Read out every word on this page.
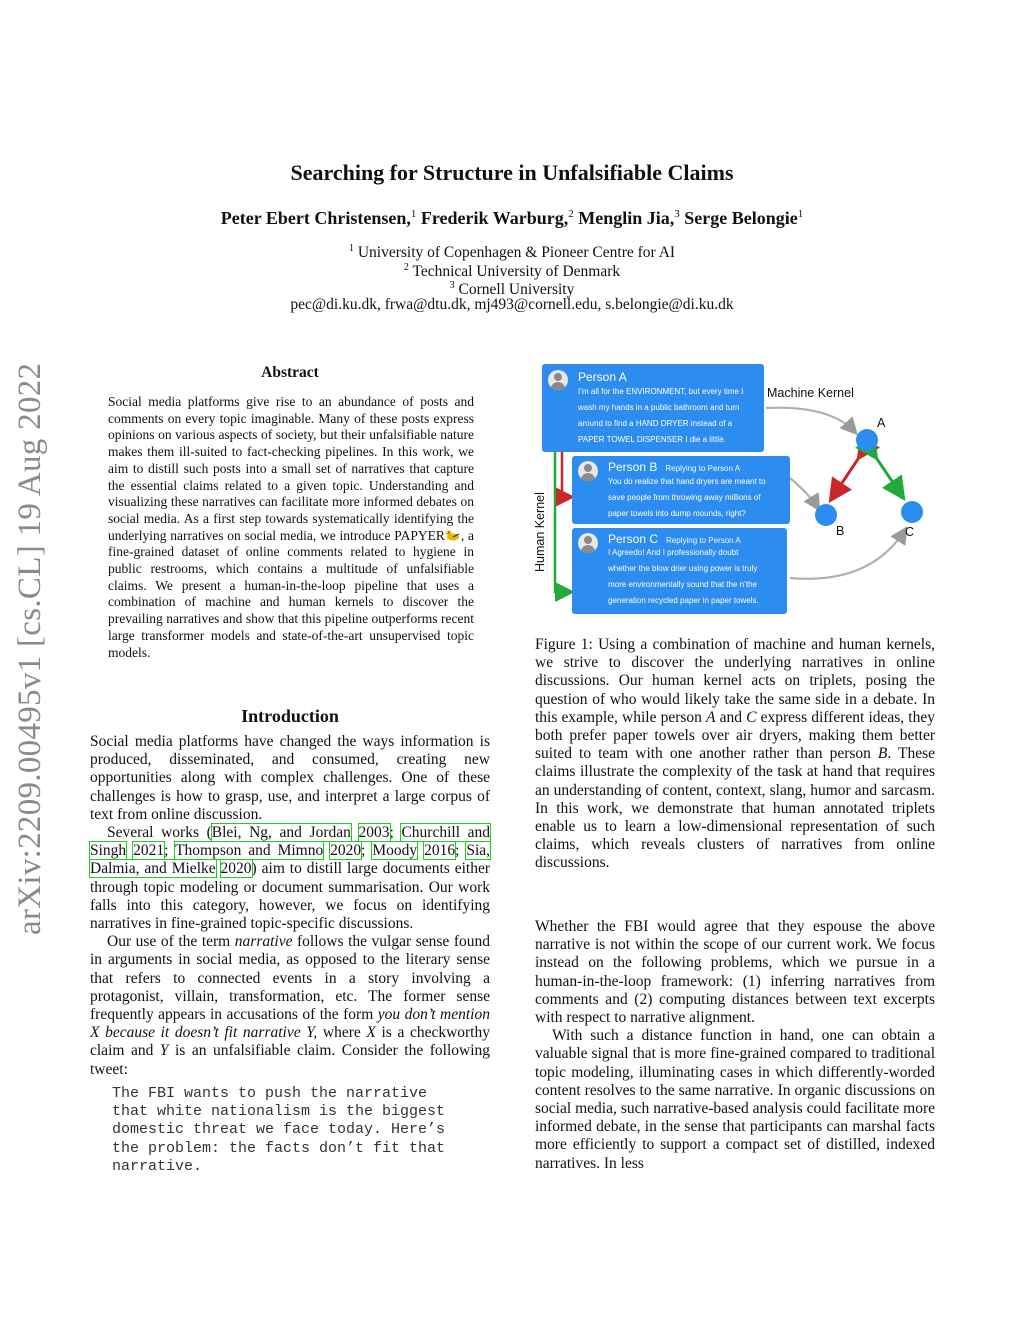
Searching for Structure in Unfalsifiable Claims
Peter Ebert Christensen,$^1$ Frederik Warburg,$^2$ Menglin Jia,$^3$ Serge Belongie$^1$
$^1$ University of Copenhagen & Pioneer Centre for AI
$^2$ Technical University of Denmark
$^3$ Cornell University
pec@di.ku.dk, frwa@dtu.dk, mj493@cornell.edu, s.belongie@di.ku.dk
arXiv:2209.00495v1 [cs.CL] 19 Aug 2022	Abstract
Social media platforms give rise to an abundance of posts and comments on every topic imaginable. Many of these posts express opinions on various aspects of society, but their unfalsifiable nature makes them ill-suited to fact-checking pipelines. In this work, we aim to distill such posts into a small set of narratives that capture the essential claims related to a given topic. Understanding and visualizing these narratives can facilitate more informed debates on social media. As a first step towards systematically identifying the underlying narratives on social media, we introduce PAPYER , a fine-grained dataset of online comments related to hygiene in public restrooms, which contains a multitude of unfalsifiable claims. We present a human-in-the-loop pipeline that uses a combination of machine and human kernels to discover the prevailing narratives and show that this pipeline outperforms recent large transformer models and state-of-the-art unsupervised topic models.
Introduction

Social media platforms have changed the ways information is produced, disseminated, and consumed, creating new opportunities along with complex challenges. One of these challenges is how to grasp, use, and interpret a large corpus of text from online discussion.

Several works (Blei, Ng, and Jordan 2003; Churchill and Singh 2021; Thompson and Mimno 2020; Moody 2016; Sia, Dalmia, and Mielke 2020) aim to distill large documents either through topic modeling or document summarisation. Our work falls into this category, however, we focus on identifying narratives in fine-grained topic-specific discussions.

Our use of the term narrative follows the vulgar sense found in arguments in social media, as opposed to the literary sense that refers to connected events in a story involving a protagonist, villain, transformation, etc. The former sense frequently appears in accusations of the form you don’t mention X because it doesn’t fit narrative Y, where X is a checkworthy claim and Y is an unfalsifiable claim. Consider the following tweet:

The FBI wants to push the narrative
that white nationalism is the biggest
domestic threat we face today. Here’s
the problem: the facts don’t fit that
narrative.
Machine Kernel
Human Kernel
A
B	C
Person A
I’m all for the ENVIRONMENT, but every time I
wash my hands in a public bathroom and turn
around to find a HAND DRYER instead of a
PAPER TOWEL DISPENSER I die a little.
Person B Replying to Person A
You do realize that hand dryers are meant to
save people from throwing away millions of
paper towels into dump mounds, right?
Person C Replying to Person A
I Agreedo! And I professionally doubt
whether the blow drier using power is truly
more environmentally sound that the n’the
generation recycled paper in paper towels.
Figure 1: Using a combination of machine and human kernels, we strive to discover the underlying narratives in online discussions. Our human kernel acts on triplets, posing the question of who would likely take the same side in a debate. In this example, while person A and C express different ideas, they both prefer paper towels over air dryers, making them better suited to team with one another rather than person B. These claims illustrate the complexity of the task at hand that requires an understanding of content, context, slang, humor and sarcasm. In this work, we demonstrate that human annotated triplets enable us to learn a low-dimensional representation of such claims, which reveals clusters of narratives from online discussions.

Whether the FBI would agree that they espouse the above narrative is not within the scope of our current work. We focus instead on the following problems, which we pursue in a human-in-the-loop framework: (1) inferring narratives from comments and (2) computing distances between text excerpts with respect to narrative alignment.

With such a distance function in hand, one can obtain a valuable signal that is more fine-grained compared to traditional topic modeling, illuminating cases in which differently-worded content resolves to the same narrative. In organic discussions on social media, such narrative-based analysis could facilitate more informed debate, in the sense that participants can marshal facts more efficiently to support a compact set of distilled, indexed narratives. In less
